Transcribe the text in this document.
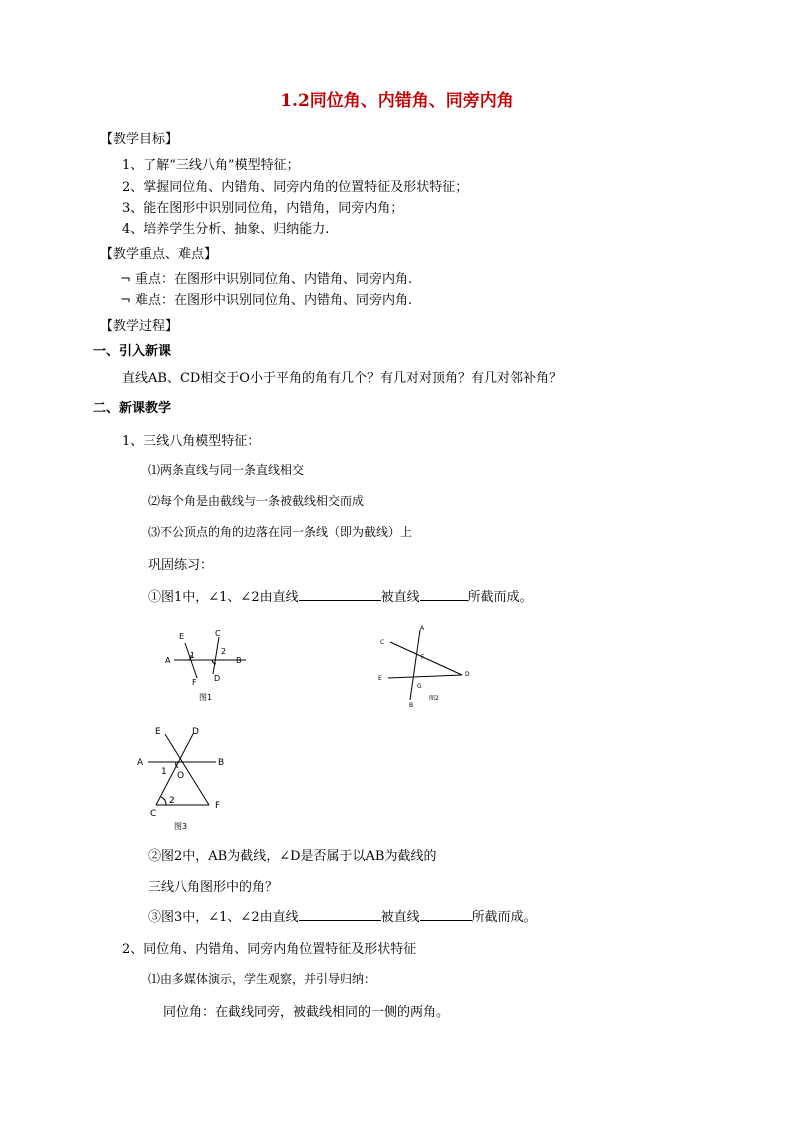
1.2同位角、内错角、同旁内角
【教学目标】
1、了解“三线八角”模型特征；
2、掌握同位角、内错角、同旁内角的位置特征及形状特征；
3、能在图形中识别同位角，内错角，同旁内角；
4、培养学生分析、抽象、归纳能力.
【教学重点、难点】
¬ 重点：在图形中识别同位角、内错角、同旁内角.
¬ 难点：在图形中识别同位角、内错角、同旁内角.
【教学过程】
一、引入新课
直线AB、CD相交于O小于平角的角有几个？有几对对顶角？有几对邻补角？
二、新课教学
1、三线八角模型特征：
⑴两条直线与同一条直线相交
⑵每个角是由截线与一条被截线相交而成
⑶不公顶点的角的边落在同一条线（即为截线）上
巩固练习：
①图1中，∠1、∠2由直线	被直线	所截而成。
E	C
A
1	2
B
F D
图1
A
C
F
D
E
G
B
图2
E	D
A	B
1 O
2
C
F
图3
②图2中，AB为截线，∠D是否属于以AB为截线的
三线八角图形中的角？
③图3中，∠1、∠2由直线	被直线	所截而成。
2、同位角、内错角、同旁内角位置特征及形状特征
⑴由多媒体演示，学生观察，并引导归纳：
同位角：在截线同旁，被截线相同的一侧的两角。
